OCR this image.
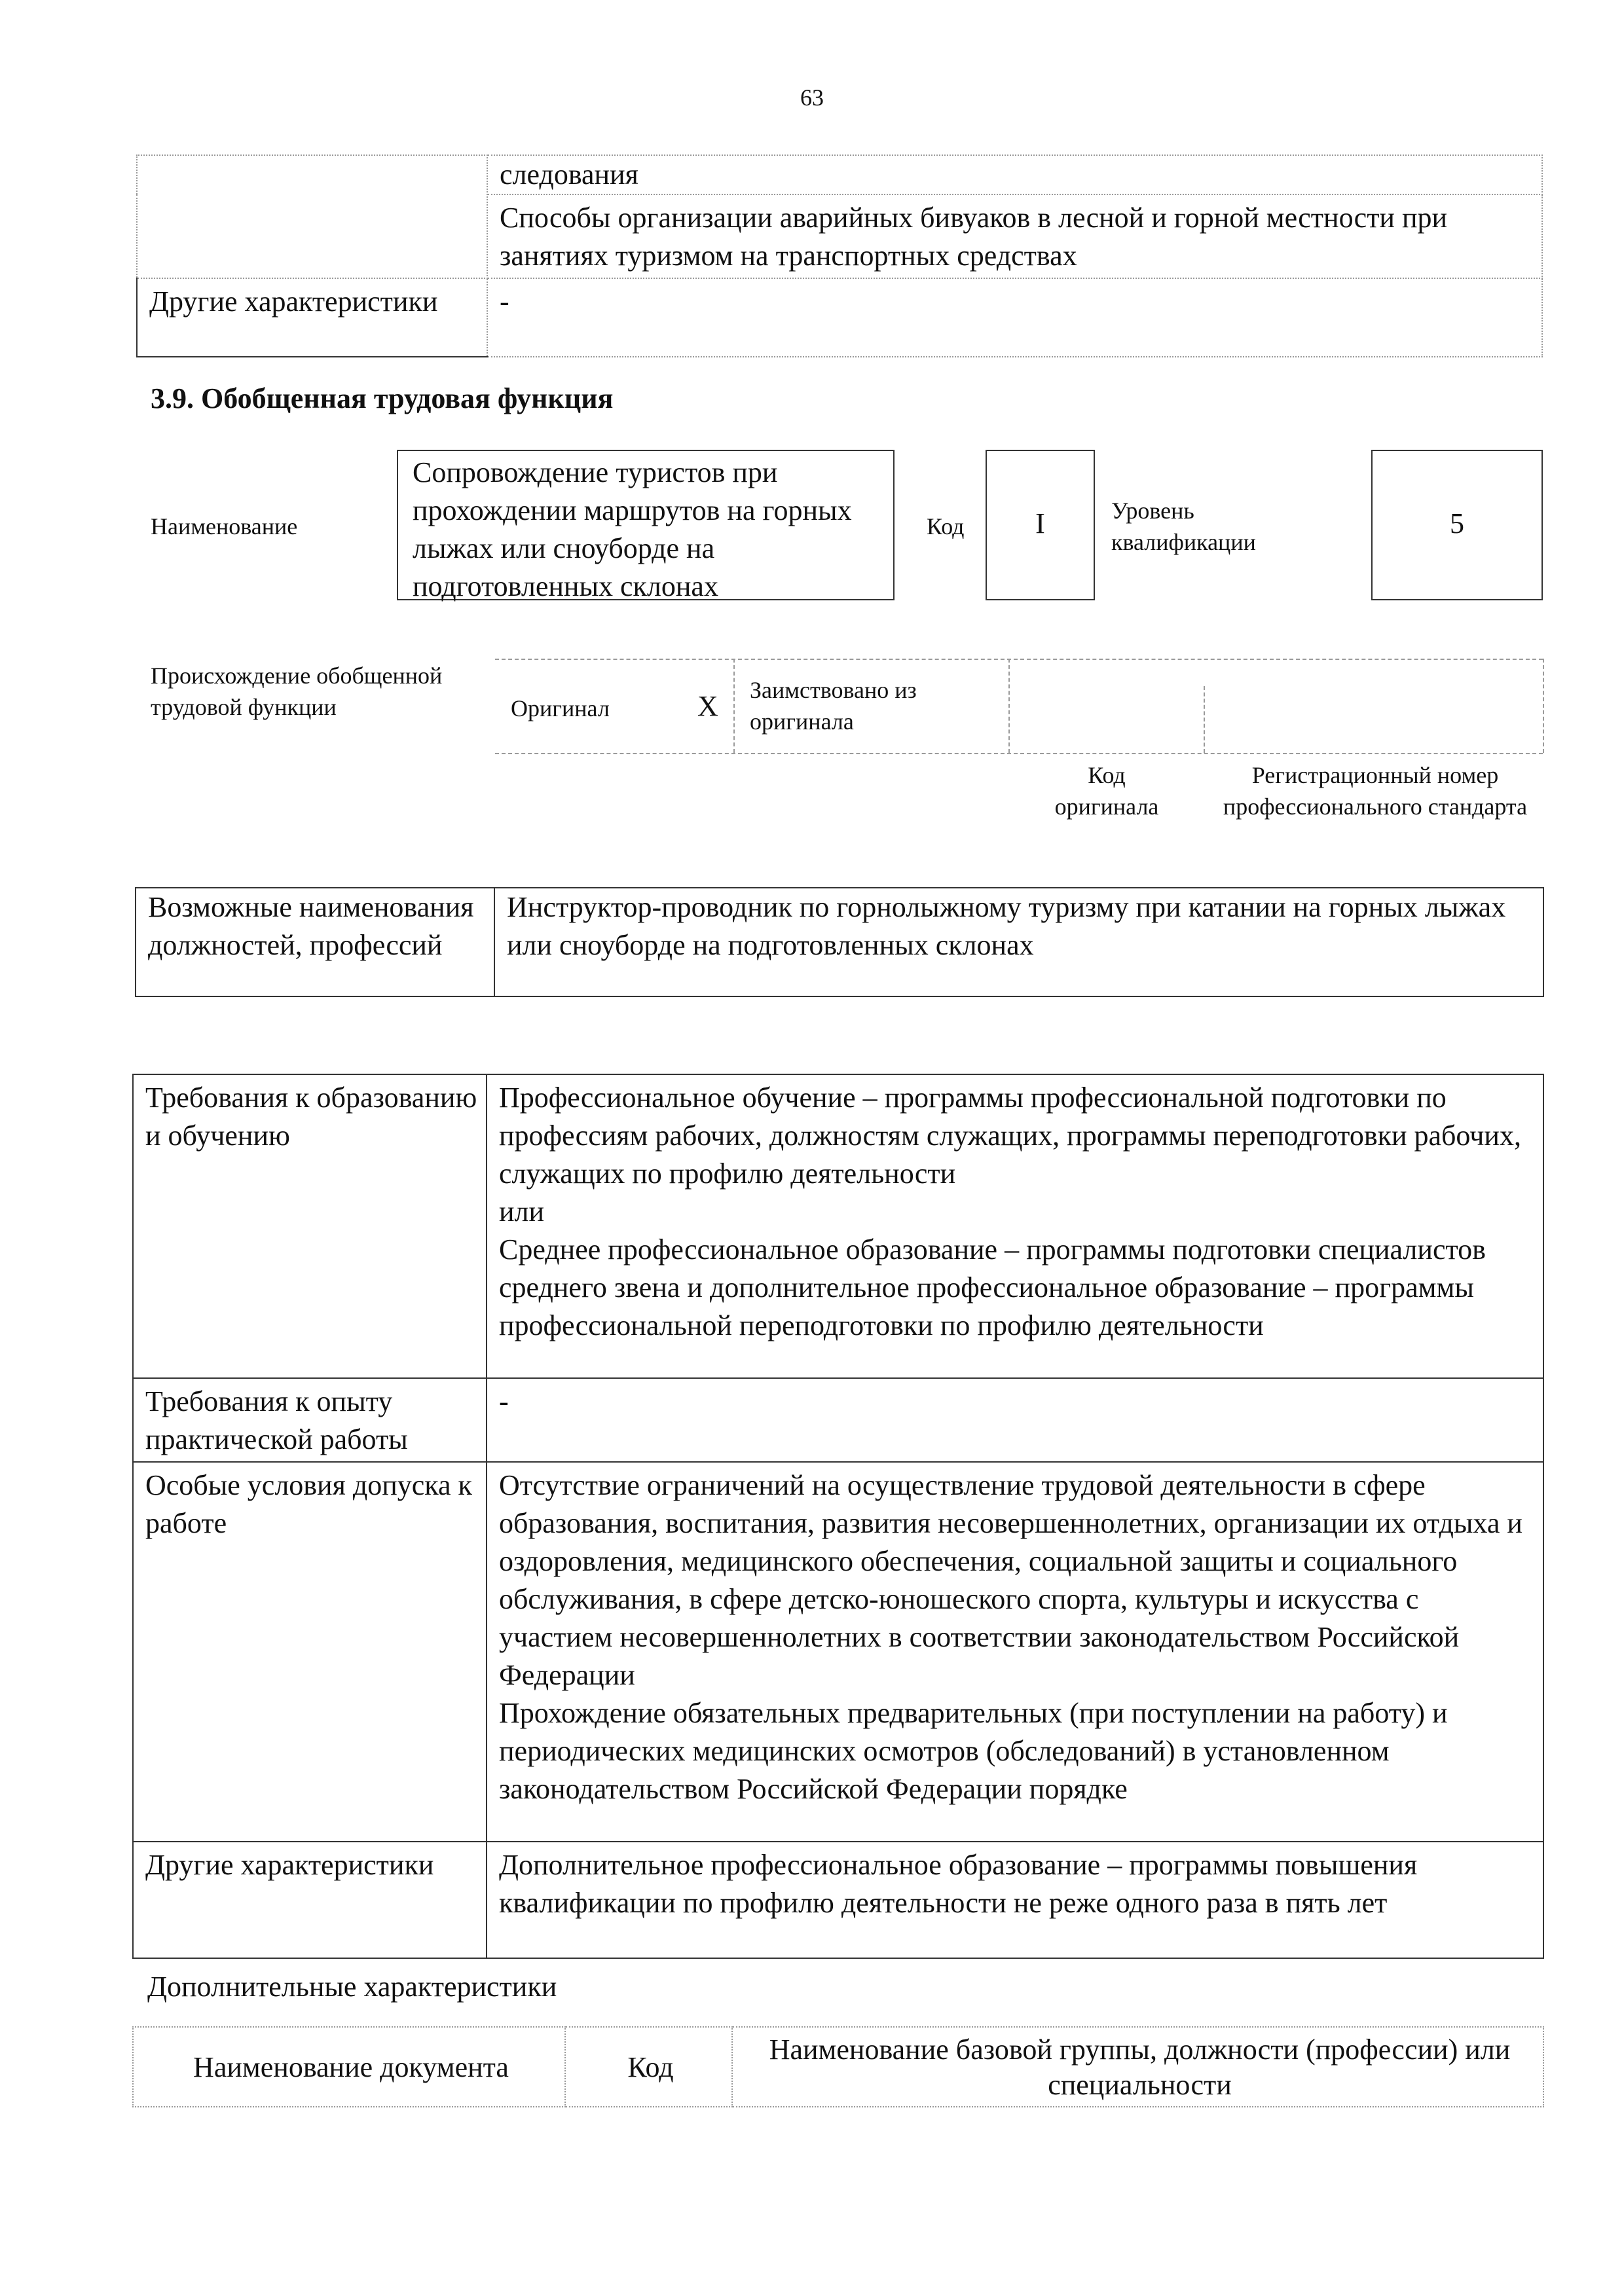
63
	следования
	Способы организации аварийных бивуаков в лесной и горной местности при занятиях туризмом на транспортных средствах
Другие характеристики	-
3.9. Обобщенная трудовая функция
Наименование
Сопровождение туристов при прохождении маршрутов на горных лыжах или сноуборде на подготовленных склонах
Код	I	Уровень квалификации
5
Происхождение обобщенной трудовой функции	Оригинал	X Заимствовано из оригинала
Код оригинала
Регистрационный номер профессионального стандарта
Возможные наименования должностей, профессий	Инструктор-проводник по горнолыжному туризму при катании на горных лыжах или сноуборде на подготовленных склонах
Требования к образованию и обучению	Профессиональное обучение – программы профессиональной подготовки по профессиям рабочих, должностям служащих, программы переподготовки рабочих, служащих по профилю деятельности
или
Среднее профессиональное образование – программы подготовки специалистов среднего звена и дополнительное профессиональное образование – программы профессиональной переподготовки по профилю деятельности

Требования к опыту практической работы	-

Особые условия допуска к работе	Отсутствие ограничений на осуществление трудовой деятельности в сфере образования, воспитания, развития несовершеннолетних, организации их отдыха и оздоровления, медицинского обеспечения, социальной защиты и социального обслуживания, в сфере детско-юношеского спорта, культуры и искусства с участием несовершеннолетних в соответствии законодательством Российской Федерации
Прохождение обязательных предварительных (при поступлении на работу) и периодических медицинских осмотров (обследований) в установленном законодательством Российской Федерации порядке

Другие характеристики	Дополнительное профессиональное образование – программы повышения квалификации по профилю деятельности не реже одного раза в пять лет
Дополнительные характеристики
Наименование документа	Код	Наименование базовой группы, должности (профессии) или специальности
